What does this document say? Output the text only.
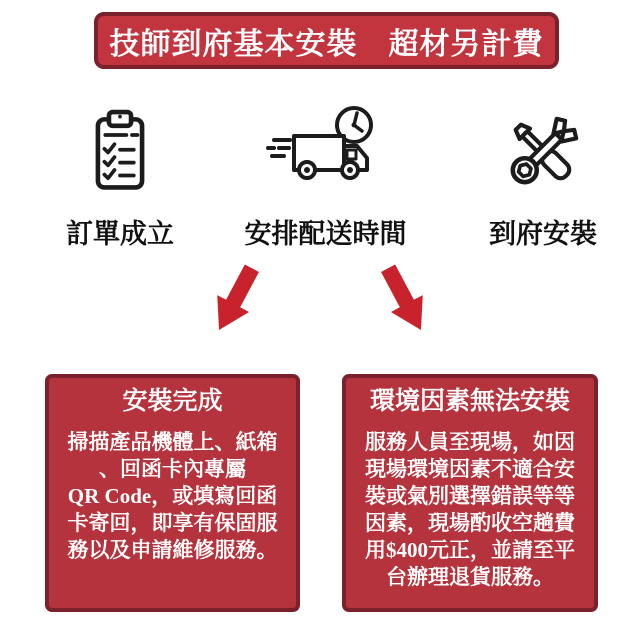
技師到府基本安裝　超材另計費
訂單成立	安排配送時間	到府安裝
安裝完成
掃描產品機體上、紙箱
、回函卡內專屬
QR Code，或填寫回函
卡寄回，即享有保固服
務以及申請維修服務。
環境因素無法安裝
服務人員至現場，如因
現場環境因素不適合安
裝或氣別選擇錯誤等等
因素，現場酌收空趟費
用$400元正，並請至平
台辦理退貨服務。
